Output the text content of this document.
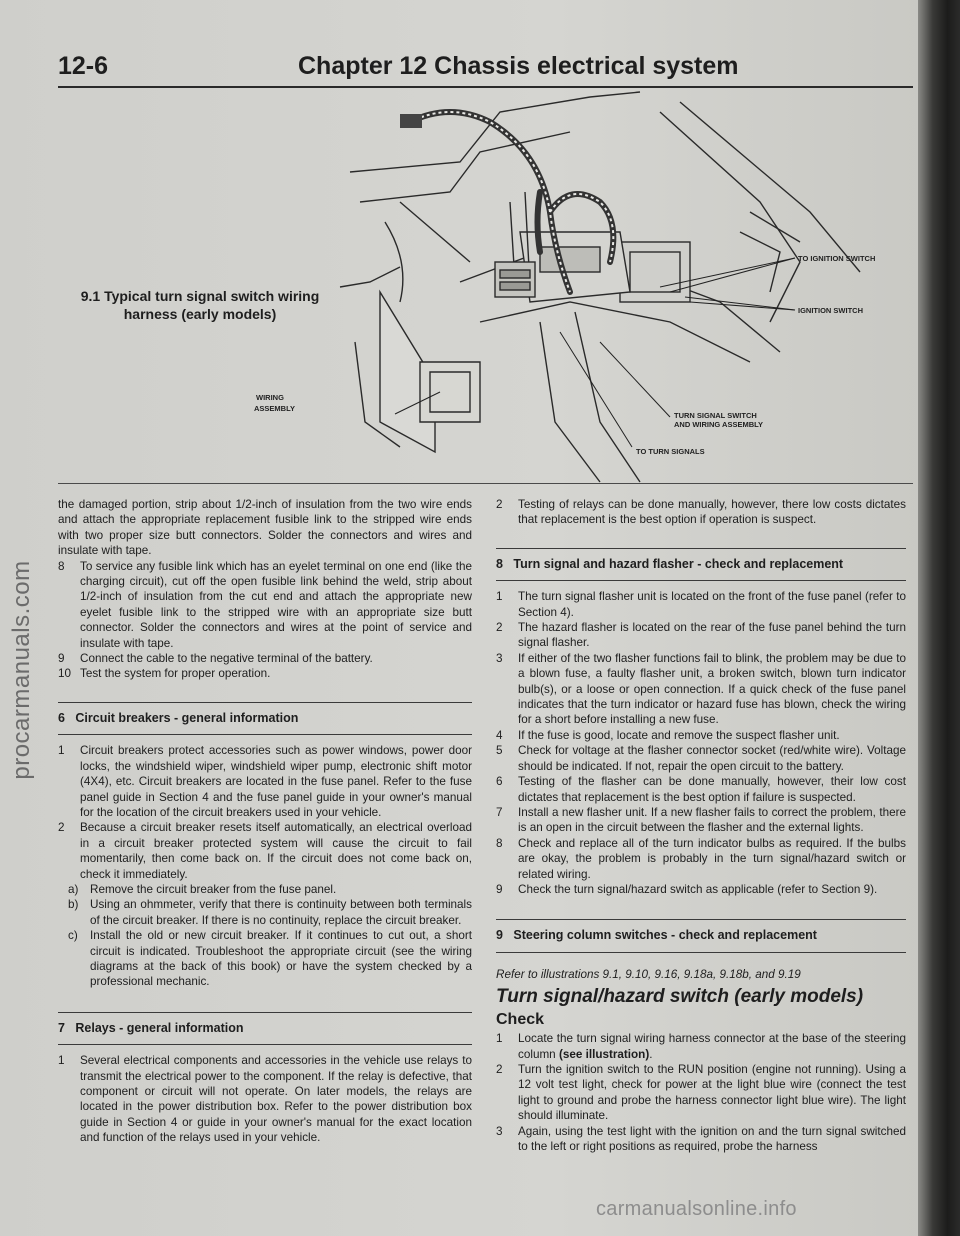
12-6	Chapter 12 Chassis electrical system
9.1 Typical turn signal switch wiring
harness (early models)
TO IGNITION SWITCH
IGNITION SWITCH
WIRING
ASSEMBLY
TURN SIGNAL SWITCH
AND WIRING ASSEMBLY
TO TURN SIGNALS

the damaged portion, strip about 1/2-inch of insulation from the two wire ends and attach the appropriate replacement fusible link to the stripped wire ends with two proper size butt connectors. Solder the connectors and wires and insulate with tape.

8	To service any fusible link which has an eyelet terminal on one end (like the charging circuit), cut off the open fusible link behind the weld, strip about 1/2-inch of insulation from the cut end and attach the appropriate new eyelet fusible link to the stripped wire with an appropriate size butt connector. Solder the connectors and wires at the point of service and insulate with tape.
9	Connect the cable to the negative terminal of the battery.
10 Test the system for proper operation.
6 Circuit breakers - general information
1	Circuit breakers protect accessories such as power windows, power door locks, the windshield wiper, windshield wiper pump, electronic shift motor (4X4), etc. Circuit breakers are located in the fuse panel. Refer to the fuse panel guide in Section 4 and the fuse panel guide in your owner's manual for the location of the circuit breakers used in your vehicle.
2	Because a circuit breaker resets itself automatically, an electrical overload in a circuit breaker protected system will cause the circuit to fail momentarily, then come back on. If the circuit does not come back on, check it immediately.
a) Remove the circuit breaker from the fuse panel.
b) Using an ohmmeter, verify that there is continuity between both terminals of the circuit breaker. If there is no continuity, replace the circuit breaker.
c)	Install the old or new circuit breaker. If it continues to cut out, a short circuit is indicated. Troubleshoot the appropriate circuit (see the wiring diagrams at the back of this book) or have the system checked by a professional mechanic.
7 Relays - general information
1	Several electrical components and accessories in the vehicle use relays to transmit the electrical power to the component. If the relay is defective, that component or circuit will not operate. On later models, the relays are located in the power distribution box. Refer to the power distribution box guide in Section 4 or guide in your owner's manual for the exact location and function of the relays used in your vehicle.
2	Testing of relays can be done manually, however, there low costs dictates that replacement is the best option if operation is suspect.
8 Turn signal and hazard flasher - check and replacement
1	The turn signal flasher unit is located on the front of the fuse panel (refer to Section 4).
2	The hazard flasher is located on the rear of the fuse panel behind the turn signal flasher.
3	If either of the two flasher functions fail to blink, the problem may be due to a blown fuse, a faulty flasher unit, a broken switch, blown turn indicator bulb(s), or a loose or open connection. If a quick check of the fuse panel indicates that the turn indicator or hazard fuse has blown, check the wiring for a short before installing a new fuse.
4	If the fuse is good, locate and remove the suspect flasher unit.
5	Check for voltage at the flasher connector socket (red/white wire). Voltage should be indicated. If not, repair the open circuit to the battery.
6	Testing of the flasher can be done manually, however, their low cost dictates that replacement is the best option if failure is suspected.
7	Install a new flasher unit. If a new flasher fails to correct the problem, there is an open in the circuit between the flasher and the external lights.
8	Check and replace all of the turn indicator bulbs as required. If the bulbs are okay, the problem is probably in the turn signal/hazard switch or related wiring.
9	Check the turn signal/hazard switch as applicable (refer to Section 9).
9 Steering column switches - check and replacement
Refer to illustrations 9.1, 9.10, 9.16, 9.18a, 9.18b, and 9.19
Turn signal/hazard switch (early models)
Check
1	Locate the turn signal wiring harness connector at the base of the steering column (see illustration).
2	Turn the ignition switch to the RUN position (engine not running). Using a 12 volt test light, check for power at the light blue wire (connect the test light to ground and probe the harness connector light blue wire). The light should illuminate.
3	Again, using the test light with the ignition on and the turn signal switched to the left or right positions as required, probe the harness
procarmanuals.com
carmanualsonline.info
